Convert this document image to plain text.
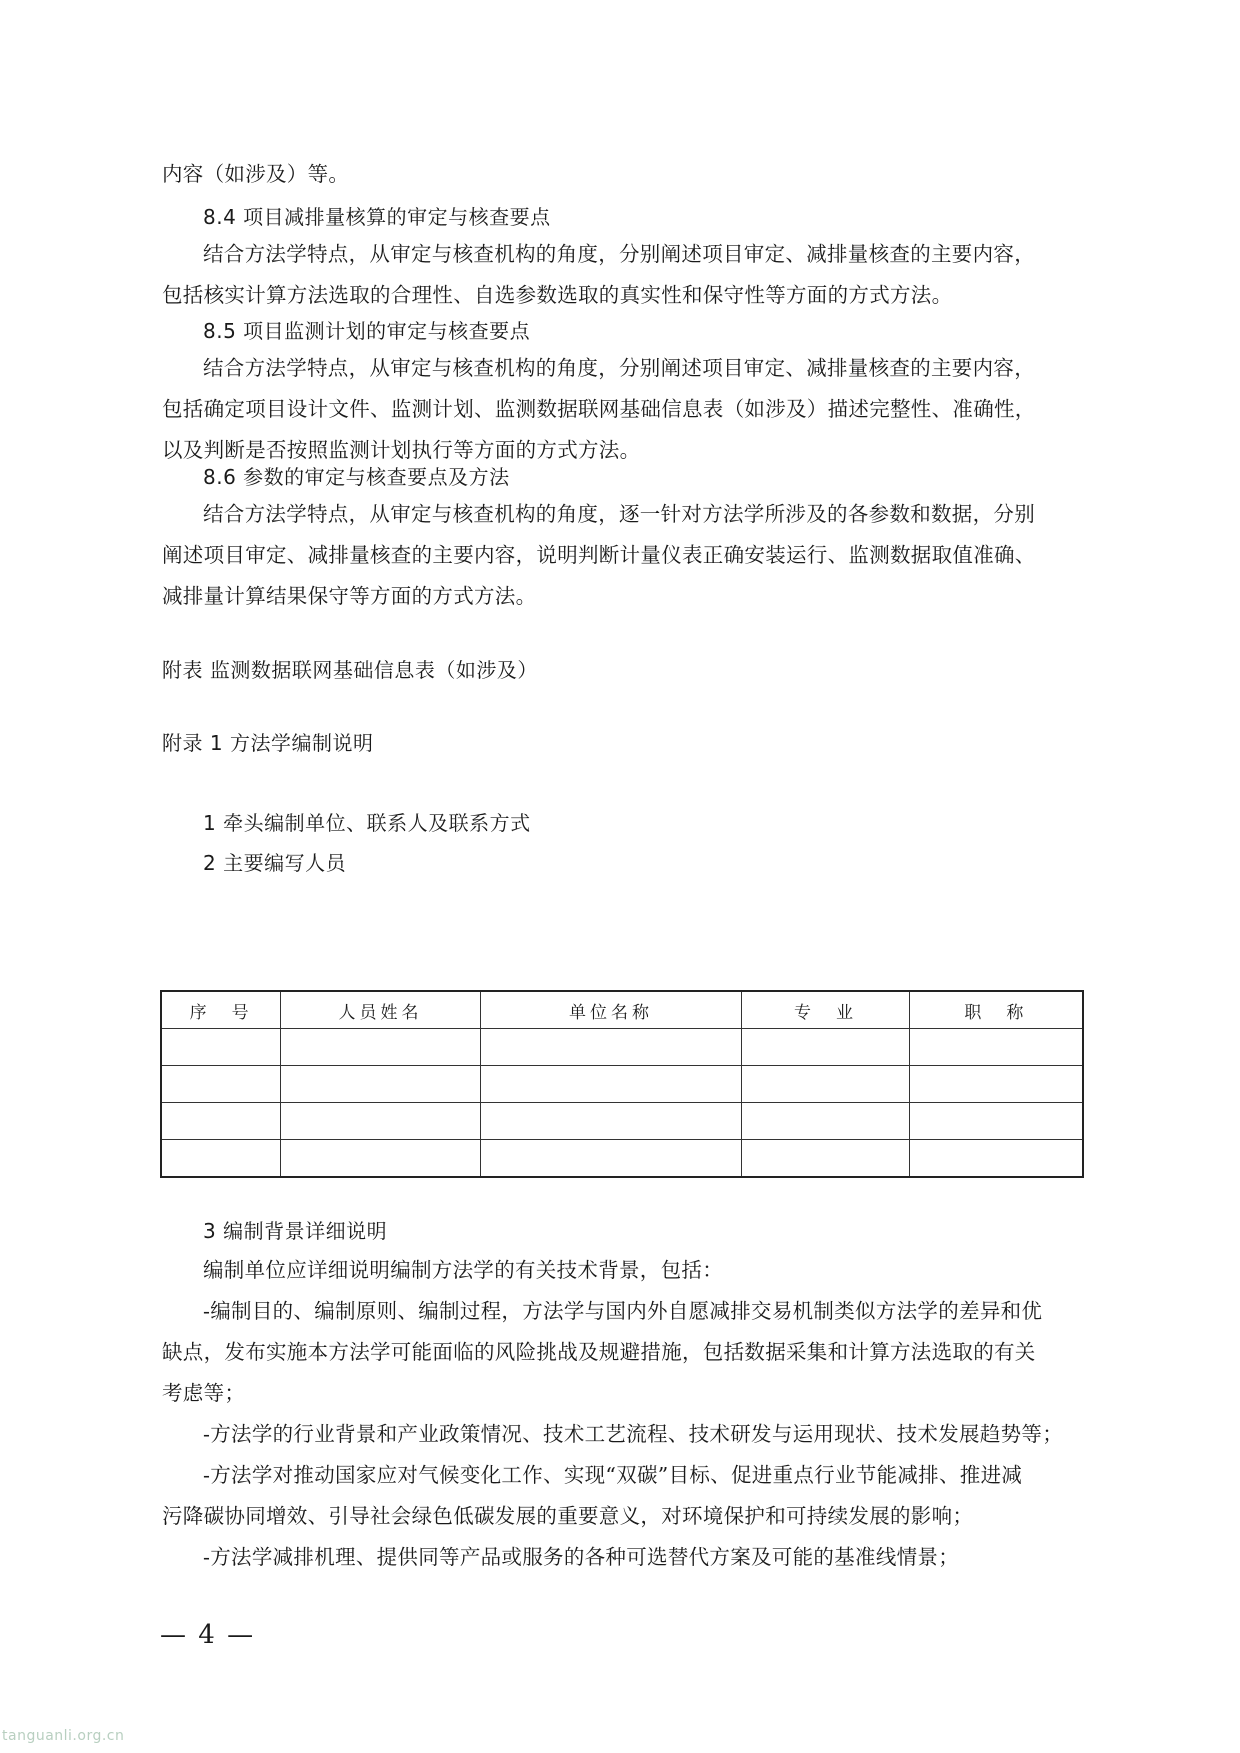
内容（如涉及）等。

8.4 项目减排量核算的审定与核查要点

结合方法学特点，从审定与核查机构的角度，分别阐述项目审定、减排量核查的主要内容，
包括核实计算方法选取的合理性、自选参数选取的真实性和保守性等方面的方式方法。

8.5 项目监测计划的审定与核查要点

结合方法学特点，从审定与核查机构的角度，分别阐述项目审定、减排量核查的主要内容，
包括确定项目设计文件、监测计划、监测数据联网基础信息表（如涉及）描述完整性、准确性，
以及判断是否按照监测计划执行等方面的方式方法。

8.6 参数的审定与核查要点及方法

结合方法学特点，从审定与核查机构的角度，逐一针对方法学所涉及的各参数和数据，分别
阐述项目审定、减排量核查的主要内容，说明判断计量仪表正确安装运行、监测数据取值准确、
减排量计算结果保守等方面的方式方法。

附表 监测数据联网基础信息表（如涉及）
附录 1 方法学编制说明
1 牵头编制单位、联系人及联系方式
2 主要编写人员
序　号	人员姓名	单位名称	专　业	职　称

3 编制背景详细说明

编制单位应详细说明编制方法学的有关技术背景，包括：
-编制目的、编制原则、编制过程，方法学与国内外自愿减排交易机制类似方法学的差异和优
缺点，发布实施本方法学可能面临的风险挑战及规避措施，包括数据采集和计算方法选取的有关
考虑等；
-方法学的行业背景和产业政策情况、技术工艺流程、技术研发与运用现状、技术发展趋势等；
-方法学对推动国家应对气候变化工作、实现“双碳”目标、促进重点行业节能减排、推进减
污降碳协同增效、引导社会绿色低碳发展的重要意义，对环境保护和可持续发展的影响；
-方法学减排机理、提供同等产品或服务的各种可选替代方案及可能的基准线情景；

— 4 —
tanguanli.org.cn
